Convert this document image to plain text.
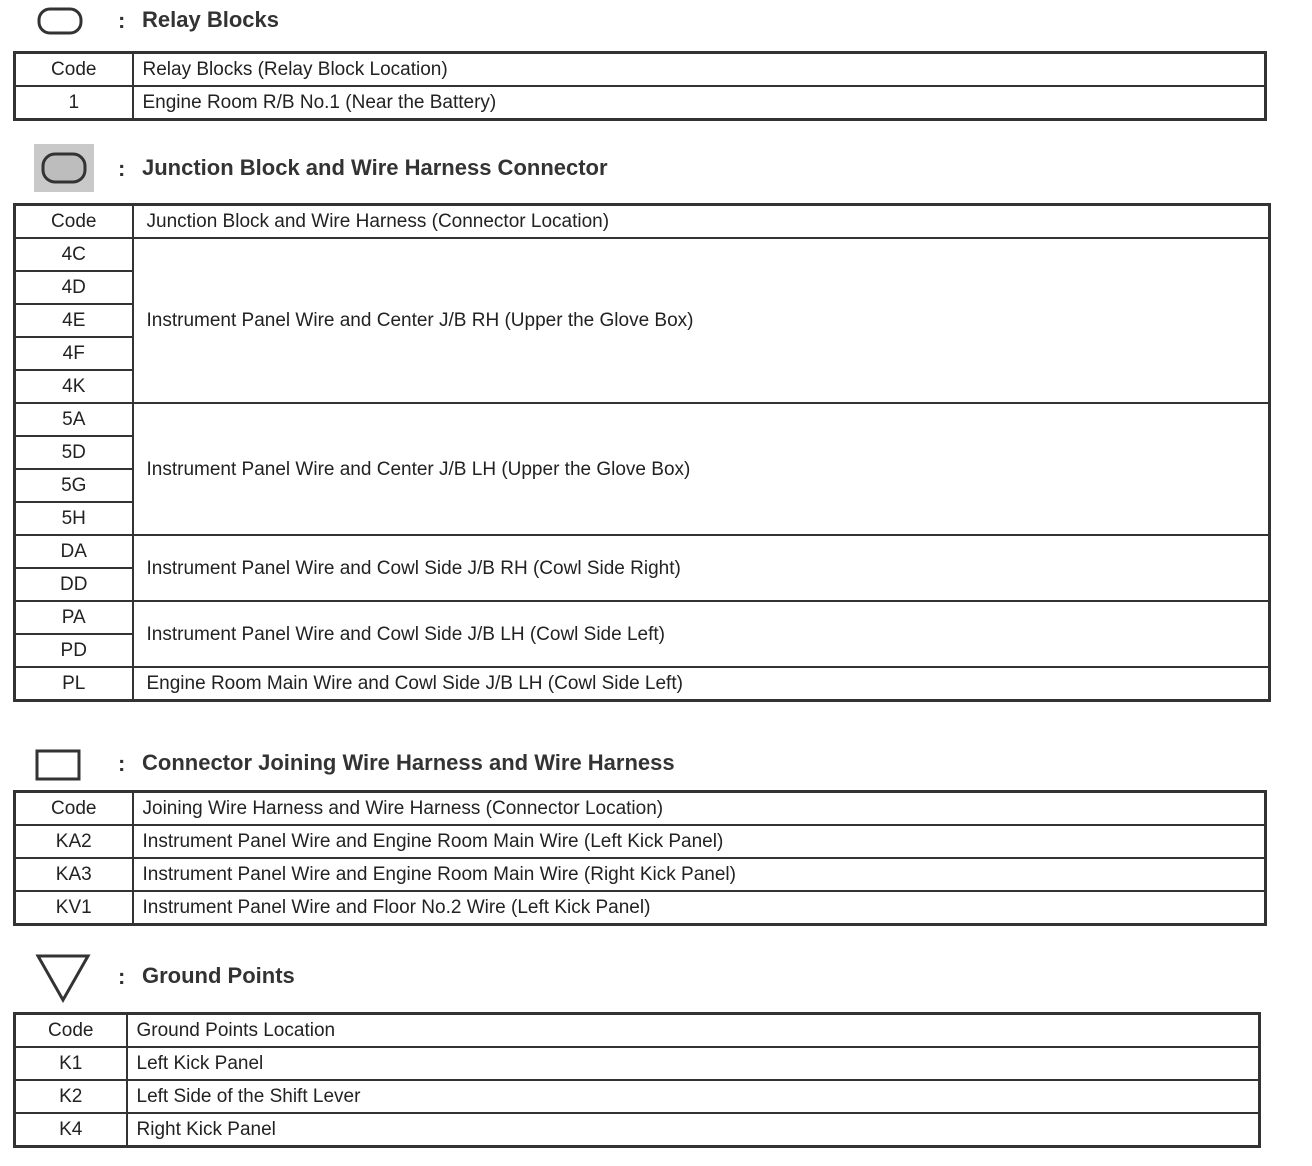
: Relay Blocks
Code	Relay Blocks (Relay Block Location)
1	Engine Room R/B No.1 (Near the Battery)
: Junction Block and Wire Harness Connector
Code	Junction Block and Wire Harness (Connector Location)
4C	Instrument Panel Wire and Center J/B RH (Upper the Glove Box)
4D	
4E	
4F	
4K	
5A	Instrument Panel Wire and Center J/B LH (Upper the Glove Box)
5D	
5G	
5H	
DA	Instrument Panel Wire and Cowl Side J/B RH (Cowl Side Right)
DD	
PA	Instrument Panel Wire and Cowl Side J/B LH (Cowl Side Left)
PD	
PL	Engine Room Main Wire and Cowl Side J/B LH (Cowl Side Left)
: Connector Joining Wire Harness and Wire Harness
Code	Joining Wire Harness and Wire Harness (Connector Location)
KA2	Instrument Panel Wire and Engine Room Main Wire (Left Kick Panel)
KA3	Instrument Panel Wire and Engine Room Main Wire (Right Kick Panel)
KV1	Instrument Panel Wire and Floor No.2 Wire (Left Kick Panel)
: Ground Points
Code	Ground Points Location
K1	Left Kick Panel
K2	Left Side of the Shift Lever
K4	Right Kick Panel
